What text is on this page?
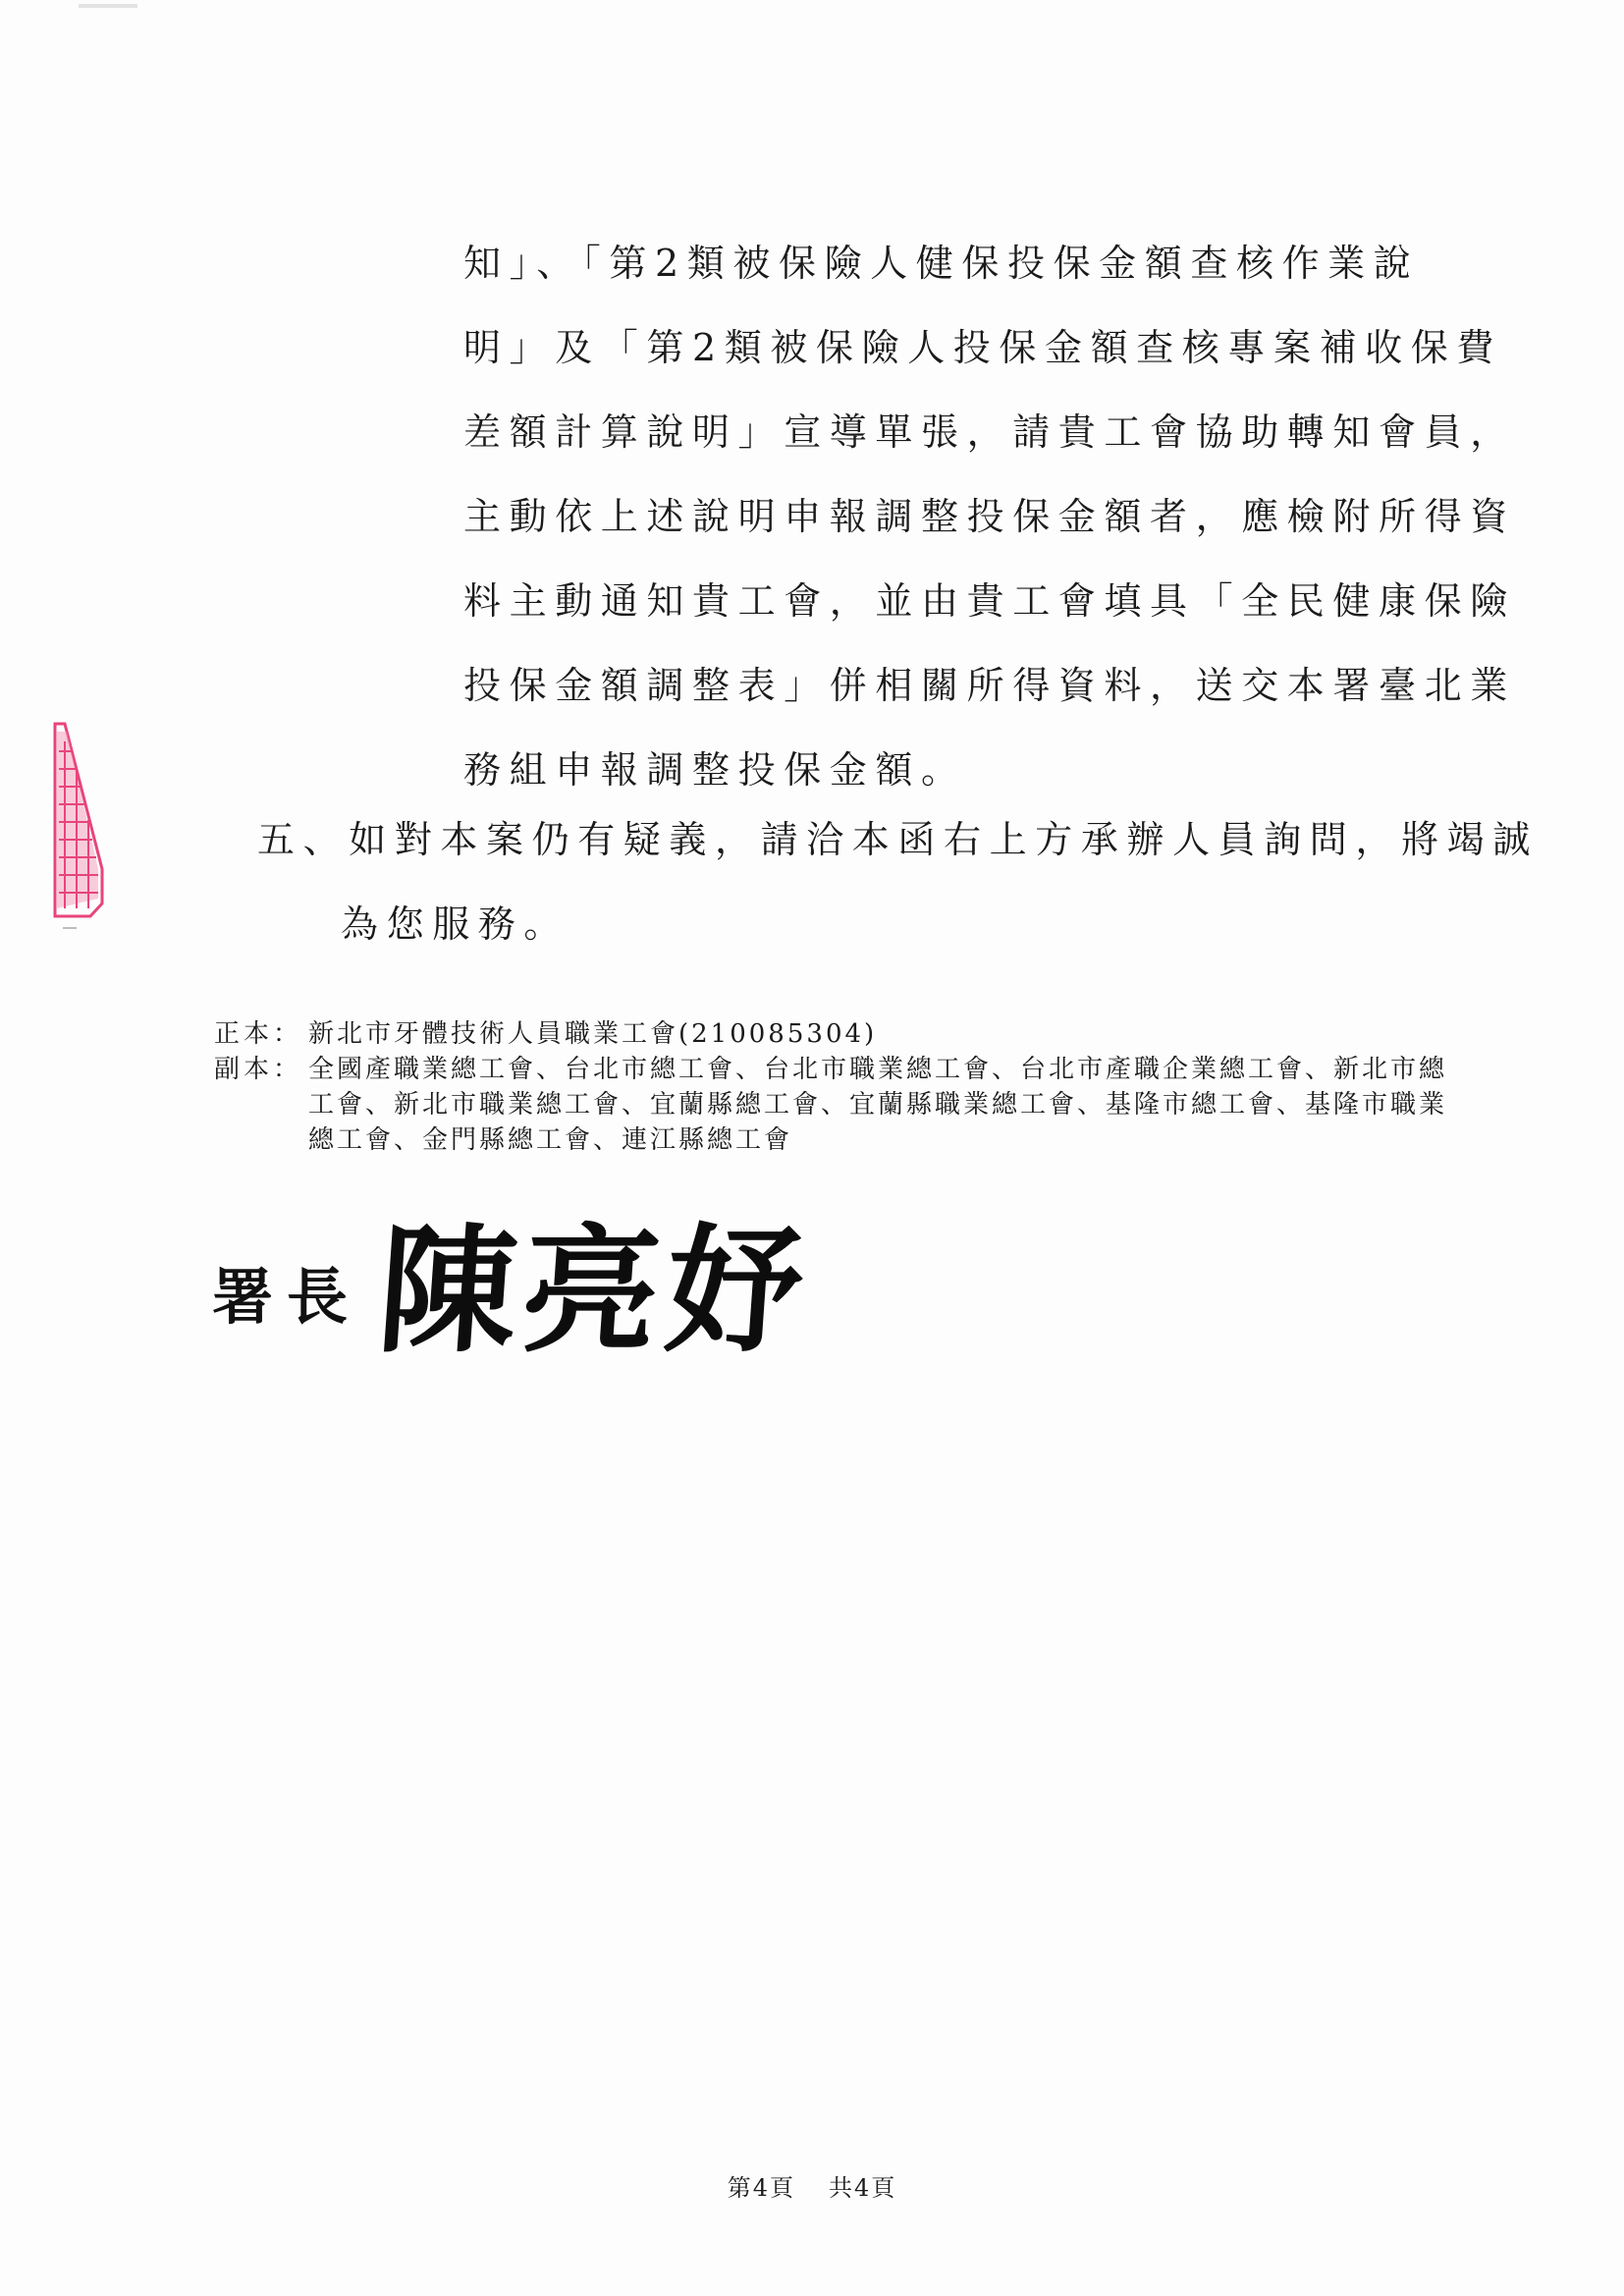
知」、「第2類被保險人健保投保金額查核作業說
明」及「第2類被保險人投保金額查核專案補收保費
差額計算說明」宣導單張，請貴工會協助轉知會員，
主動依上述說明申報調整投保金額者，應檢附所得資
料主動通知貴工會，並由貴工會填具「全民健康保險
投保金額調整表」併相關所得資料，送交本署臺北業
務組申報調整投保金額。
五、如對本案仍有疑義，請洽本函右上方承辦人員詢問，將竭誠
為您服務。
正本： 新北市牙體技術人員職業工會(210085304)
副本： 全國產職業總工會、台北市總工會、台北市職業總工會、台北市產職企業總工會、新北市總工會、新北市職業總工會、宜蘭縣總工會、宜蘭縣職業總工會、基隆市總工會、基隆市職業總工會、金門縣總工會、連江縣總工會
署長 陳亮妤
第4頁 共4頁
